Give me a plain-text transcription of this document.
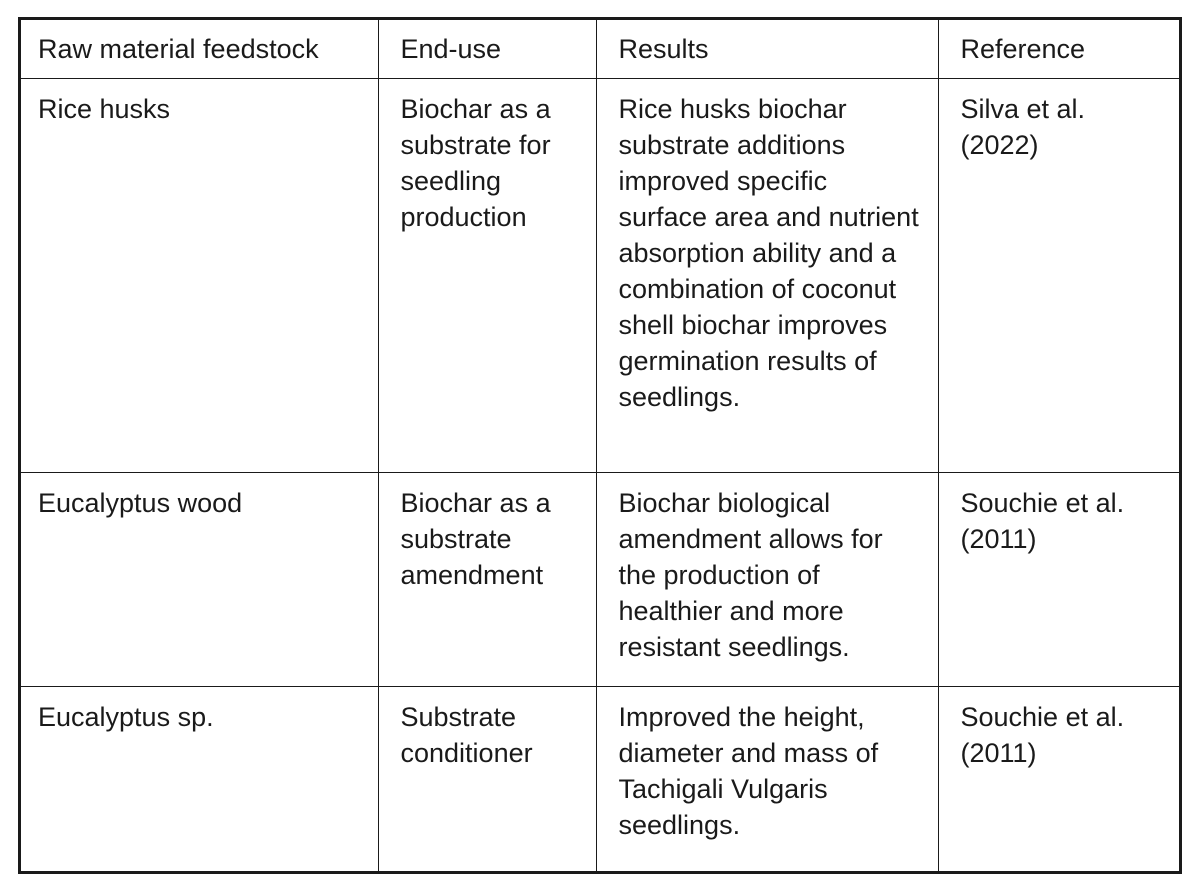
Raw material feedstock	End-use	Results	Reference
Rice husks	Biochar as a substrate for seedling production	Rice husks biochar substrate additions improved specific surface area and nutrient absorption ability and a combination of coconut shell biochar improves germination results of seedlings.	Silva et al. (2022)
Eucalyptus wood	Biochar as a substrate amendment	Biochar biological amendment allows for the production of healthier and more resistant seedlings.	Souchie et al. (2011)
Eucalyptus sp.	Substrate conditioner	Improved the height, diameter and mass of Tachigali Vulgaris seedlings.	Souchie et al. (2011)
